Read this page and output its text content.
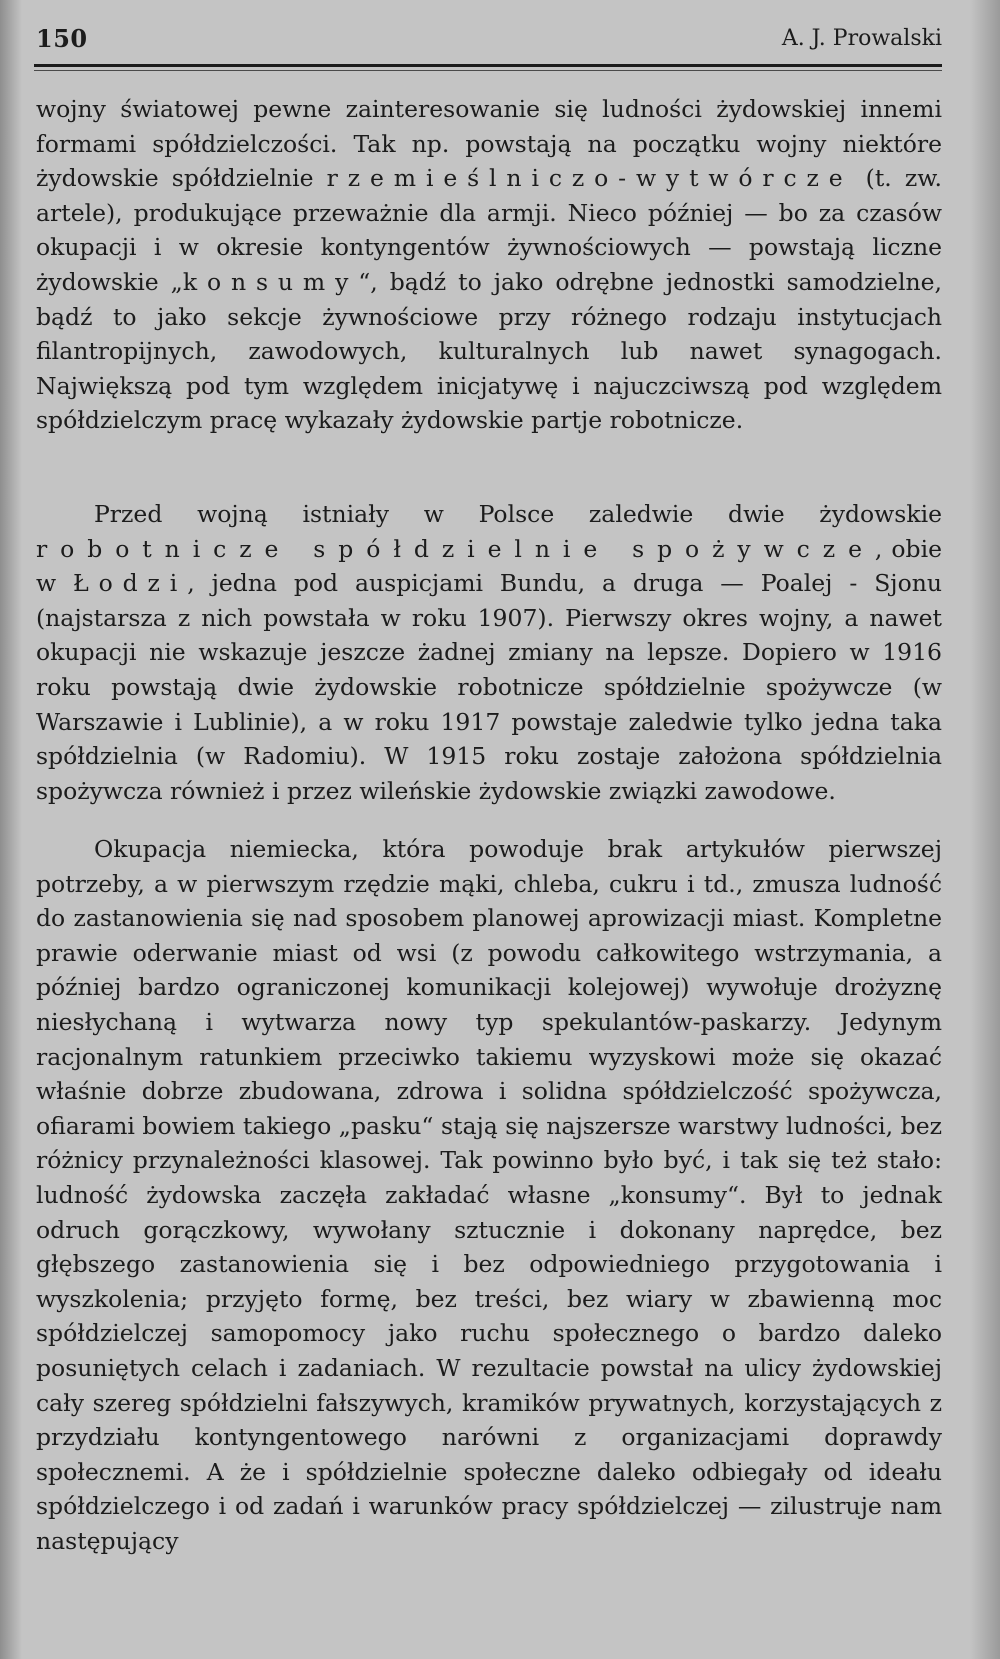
150	A. J. Prowalski

wojny światowej pewne zainteresowanie się ludności żydowskiej innemi formami spółdzielczości. Tak np. powstają na początku wojny niektóre żydowskie spółdzielnie rzemieślniczo-wytwórcze (t. zw. artele), produkujące przeważnie dla armji. Nieco później — bo za czasów okupacji i w okresie kontyngentów żywnościowych — powstają liczne żydowskie „konsumy“, bądź to jako odrębne jednostki samodzielne, bądź to jako sekcje żywnościowe przy różnego rodzaju instytucjach filantropijnych, zawodowych, kulturalnych lub nawet synagogach. Największą pod tym względem inicjatywę i najuczciwszą pod względem spółdzielczym pracę wykazały żydowskie partje robotnicze.

Przed wojną istniały w Polsce zaledwie dwie żydowskie robotnicze spółdzielnie spożywcze, obie w Łodzi, jedna pod auspicjami Bundu, a druga — Poalej - Sjonu (najstarsza z nich powstała w roku 1907). Pierwszy okres wojny, a nawet okupacji nie wskazuje jeszcze żadnej zmiany na lepsze. Dopiero w 1916 roku powstają dwie żydowskie robotnicze spółdzielnie spożywcze (w Warszawie i Lublinie), a w roku 1917 powstaje zaledwie tylko jedna taka spółdzielnia (w Radomiu). W 1915 roku zostaje założona spółdzielnia spożywcza również i przez wileńskie żydowskie związki zawodowe.

Okupacja niemiecka, która powoduje brak artykułów pierwszej potrzeby, a w pierwszym rzędzie mąki, chleba, cukru i td., zmusza ludność do zastanowienia się nad sposobem planowej aprowizacji miast. Kompletne prawie oderwanie miast od wsi (z powodu całkowitego wstrzymania, a później bardzo ograniczonej komunikacji kolejowej) wywołuje drożyznę niesłychaną i wytwarza nowy typ spekulantów-paskarzy. Jedynym racjonalnym ratunkiem przeciwko takiemu wyzyskowi może się okazać właśnie dobrze zbudowana, zdrowa i solidna spółdzielczość spożywcza, ofiarami bowiem takiego „pasku“ stają się najszersze warstwy ludności, bez różnicy przynależności klasowej. Tak powinno było być, i tak się też stało: ludność żydowska zaczęła zakładać własne „konsumy“. Był to jednak odruch gorączkowy, wywołany sztucznie i dokonany naprędce, bez głębszego zastanowienia się i bez odpowiedniego przygotowania i wyszkolenia; przyjęto formę, bez treści, bez wiary w zbawienną moc spółdzielczej samopomocy jako ruchu społecznego o bardzo daleko posuniętych celach i zadaniach. W rezultacie powstał na ulicy żydowskiej cały szereg spółdzielni fałszywych, kramików prywatnych, korzystających z przydziału kontyngentowego narówni z organizacjami doprawdy społecznemi. A że i spółdzielnie społeczne daleko odbiegały od ideału spółdzielczego i od zadań i warunków pracy spółdzielczej — zilustruje nam następujący
